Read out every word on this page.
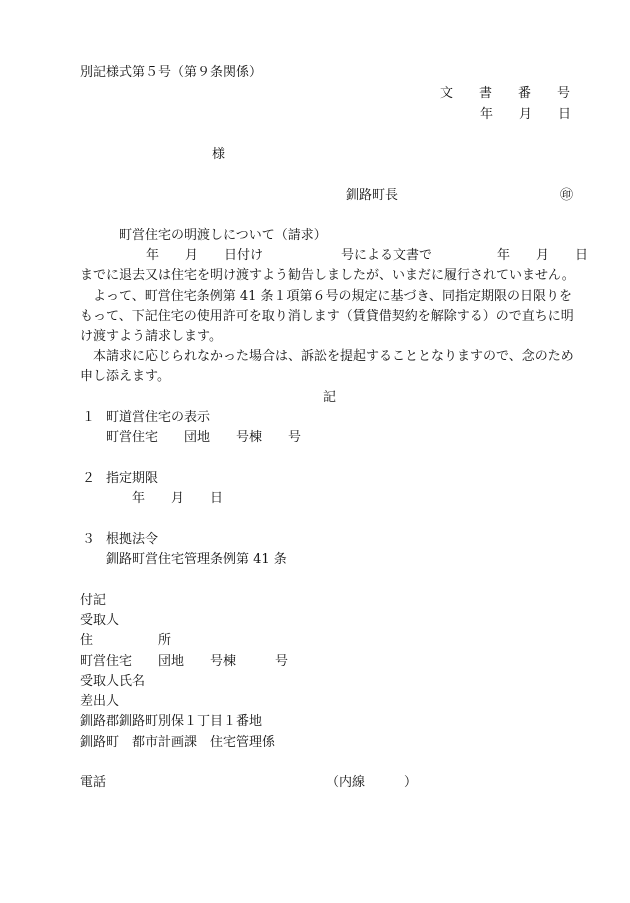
別記様式第５号（第９条関係）
文　　書　　番　　号
年　　月　　日
様
釧路町長	㊞
町営住宅の明渡しについて（請求）
年　　月　　日付け　　　　　　号による文書で　　　　　年　　月　　日
までに退去又は住宅を明け渡すよう勧告しましたが、いまだに履行されていません。
　よって、町営住宅条例第 41 条１項第６号の規定に基づき、同指定期限の日限りを
もって、下記住宅の使用許可を取り消します（賃貸借契約を解除する）ので直ちに明
け渡すよう請求します。
　本請求に応じられなかった場合は、訴訟を提起することとなりますので、念のため
申し添えます。
記
１ 町道営住宅の表示
町営住宅　　団地　　号棟　　号
２ 指定期限
年　　月　　日
３ 根拠法令
釧路町営住宅管理条例第 41 条
付記
受取人
住　　　　　所
町営住宅　　団地　　号棟　　　号
受取人氏名
差出人
釧路郡釧路町別保１丁目１番地
釧路町　都市計画課　住宅管理係
電話	（内線　　　）
